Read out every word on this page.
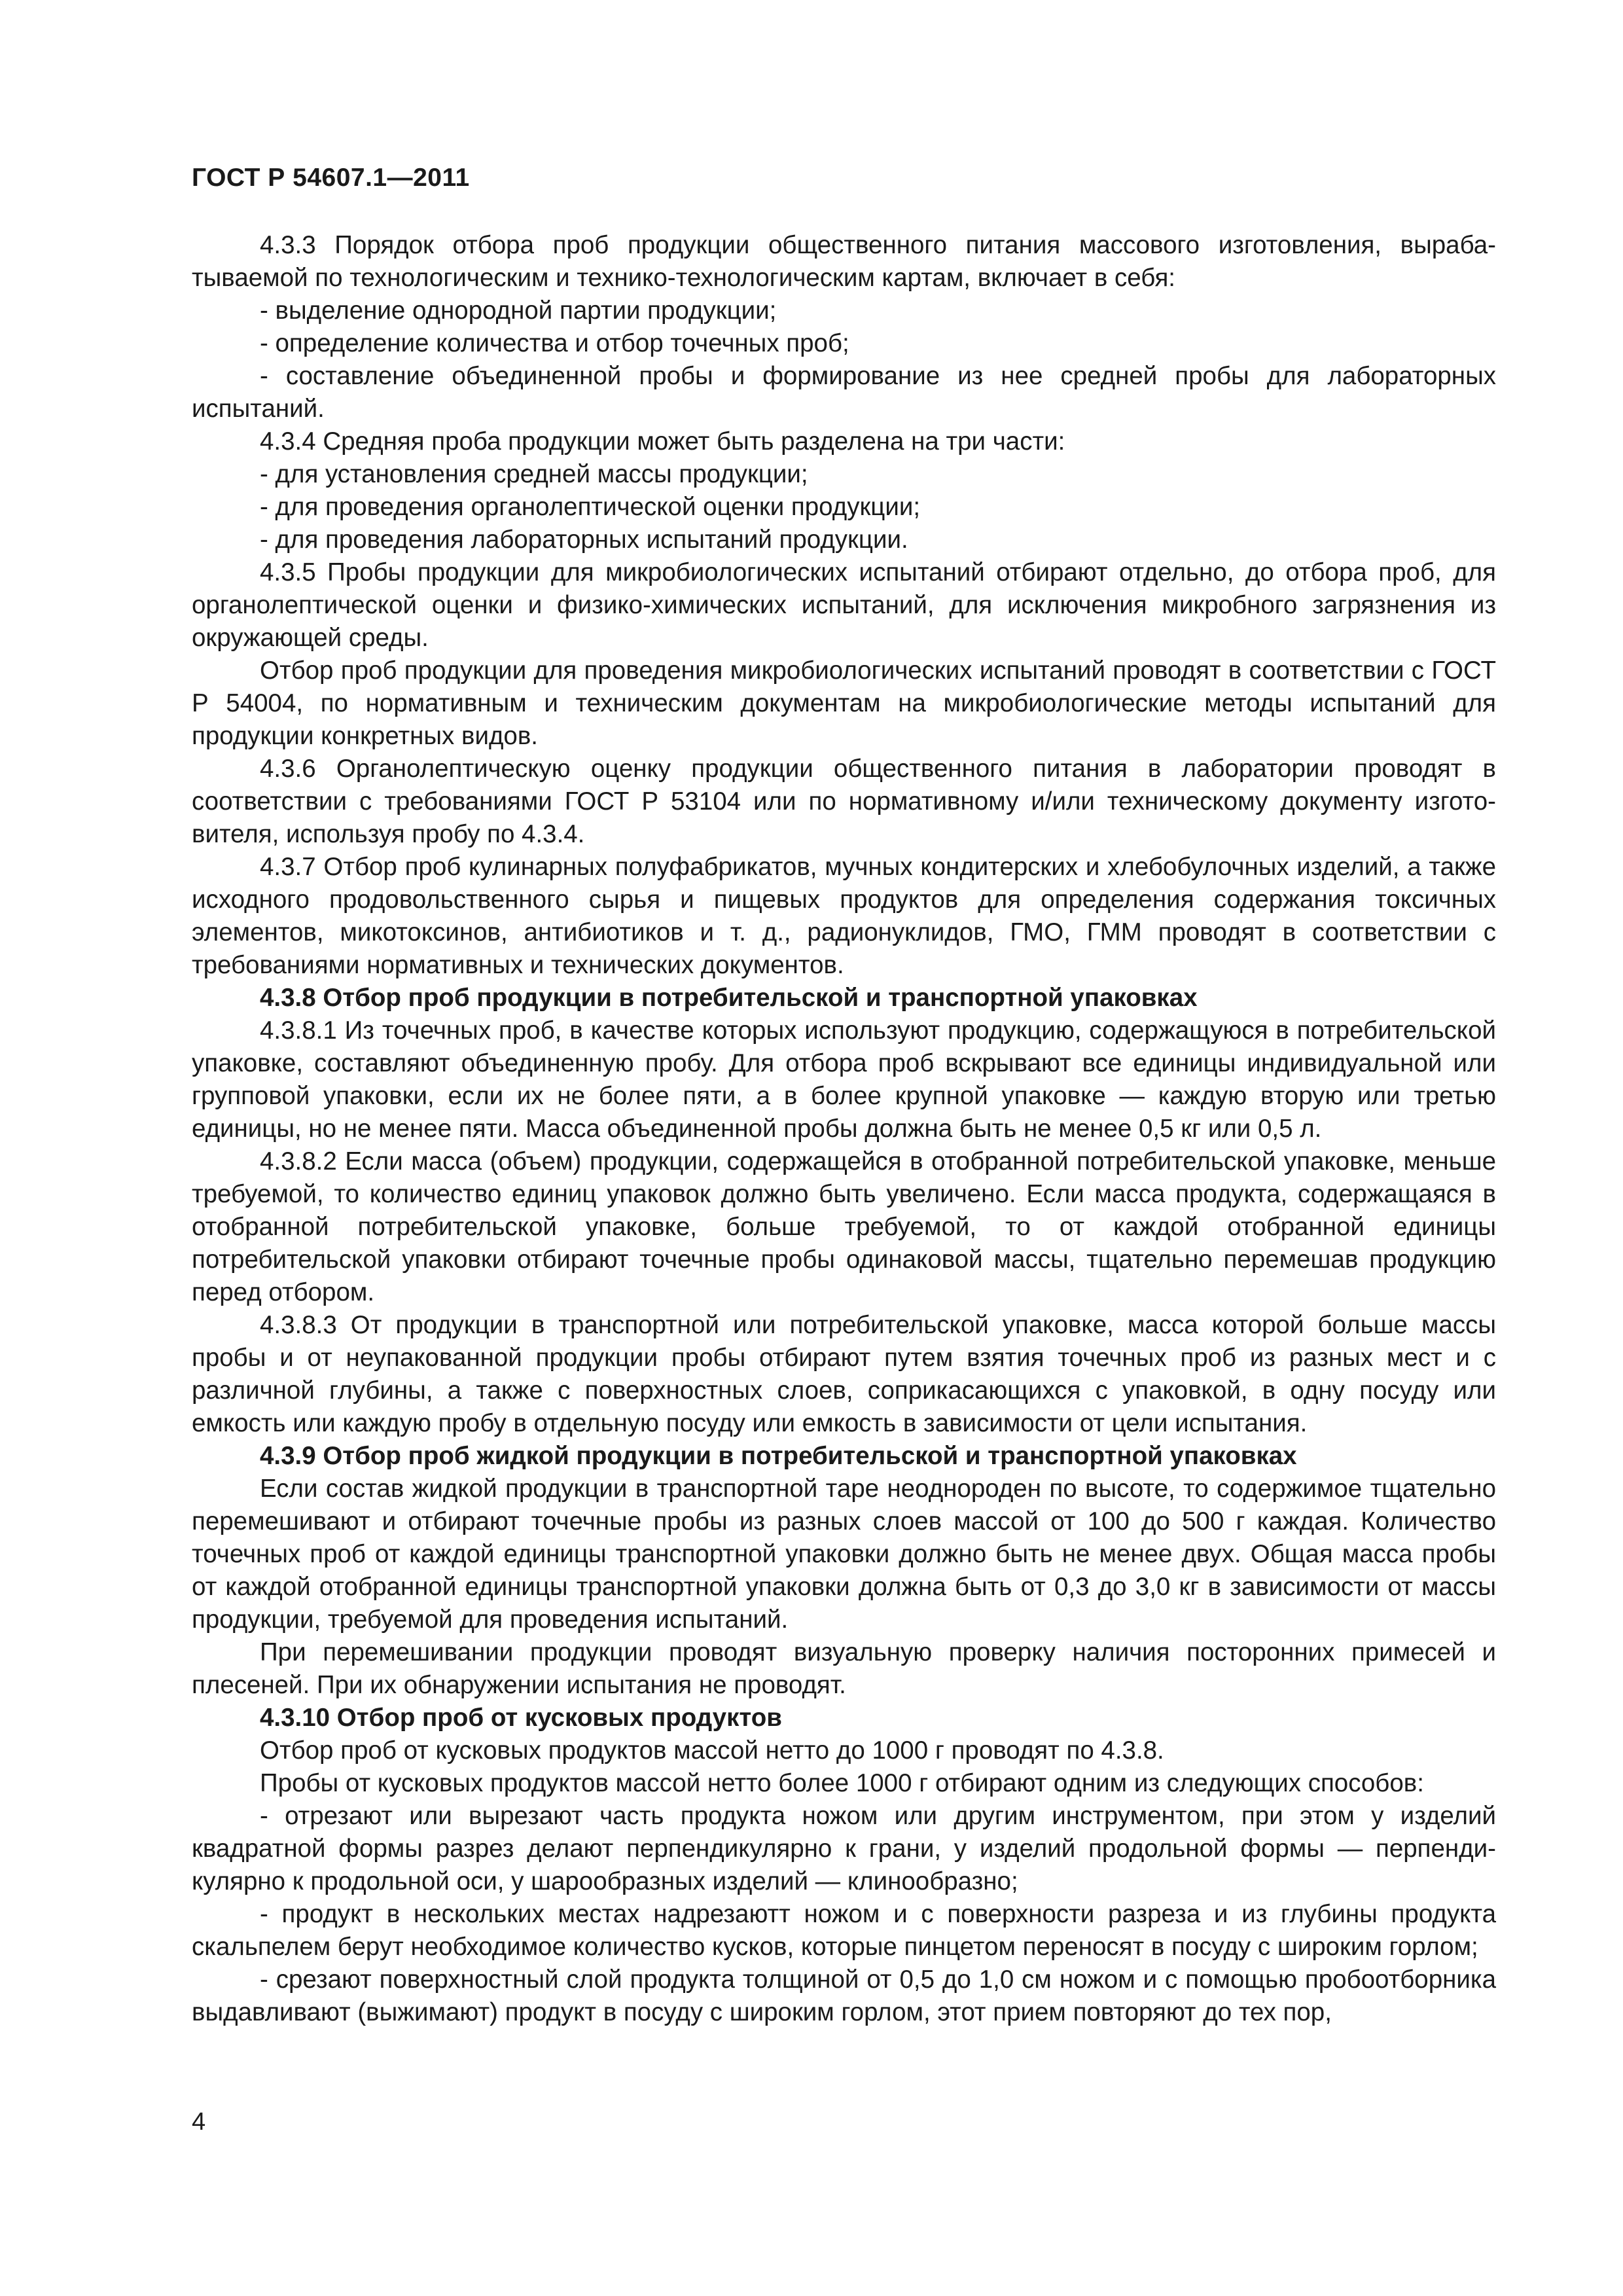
ГОСТ Р 54607.1—2011

4.3.3 Порядок отбора проб продукции общественного питания массового изготовления, вырабатываемой по технологическим и технико-технологическим картам, включает в себя:

- выделение однородной партии продукции;

- определение количества и отбор точечных проб;

- составление объединенной пробы и формирование из нее средней пробы для лабораторных испытаний.

4.3.4 Средняя проба продукции может быть разделена на три части:

- для установления средней массы продукции;

- для проведения органолептической оценки продукции;

- для проведения лабораторных испытаний продукции.

4.3.5 Пробы продукции для микробиологических испытаний отбирают отдельно, до отбора проб, для органолептической оценки и физико-химических испытаний, для исключения микробного загрязнения из окружающей среды.

Отбор проб продукции для проведения микробиологических испытаний проводят в соответствии с ГОСТ Р 54004, по нормативным и техническим документам на микробиологические методы испытаний для продукции конкретных видов.

4.3.6 Органолептическую оценку продукции общественного питания в лаборатории проводят в соответствии с требованиями ГОСТ Р 53104 или по нормативному и/или техническому документу изготовителя, используя пробу по 4.3.4.

4.3.7 Отбор проб кулинарных полуфабрикатов, мучных кондитерских и хлебобулочных изделий, а также исходного продовольственного сырья и пищевых продуктов для определения содержания токсичных элементов, микотоксинов, антибиотиков и т. д., радионуклидов, ГМО, ГММ проводят в соответствии с требованиями нормативных и технических документов.

4.3.8 Отбор проб продукции в потребительской и транспортной упаковках

4.3.8.1 Из точечных проб, в качестве которых используют продукцию, содержащуюся в потребительской упаковке, составляют объединенную пробу. Для отбора проб вскрывают все единицы индивидуальной или групповой упаковки, если их не более пяти, а в более крупной упаковке — каждую вторую или третью единицы, но не менее пяти. Масса объединенной пробы должна быть не менее 0,5 кг или 0,5 л.

4.3.8.2 Если масса (объем) продукции, содержащейся в отобранной потребительской упаковке, меньше требуемой, то количество единиц упаковок должно быть увеличено. Если масса продукта, содержащаяся в отобранной потребительской упаковке, больше требуемой, то от каждой отобранной единицы потребительской упаковки отбирают точечные пробы одинаковой массы, тщательно перемешав продукцию перед отбором.

4.3.8.3 От продукции в транспортной или потребительской упаковке, масса которой больше массы пробы и от неупакованной продукции пробы отбирают путем взятия точечных проб из разных мест и с различной глубины, а также с поверхностных слоев, соприкасающихся с упаковкой, в одну посуду или емкость или каждую пробу в отдельную посуду или емкость в зависимости от цели испытания.

4.3.9 Отбор проб жидкой продукции в потребительской и транспортной упаковках

Если состав жидкой продукции в транспортной таре неоднороден по высоте, то содержимое тщательно перемешивают и отбирают точечные пробы из разных слоев массой от 100 до 500 г каждая. Количество точечных проб от каждой единицы транспортной упаковки должно быть не менее двух. Общая масса пробы от каждой отобранной единицы транспортной упаковки должна быть от 0,3 до 3,0 кг в зависимости от массы продукции, требуемой для проведения испытаний.

При перемешивании продукции проводят визуальную проверку наличия посторонних примесей и плесеней. При их обнаружении испытания не проводят.

4.3.10 Отбор проб от кусковых продуктов

Отбор проб от кусковых продуктов массой нетто до 1000 г проводят по 4.3.8.

Пробы от кусковых продуктов массой нетто более 1000 г отбирают одним из следующих способов:

- отрезают или вырезают часть продукта ножом или другим инструментом, при этом у изделий квадратной формы разрез делают перпендикулярно к грани, у изделий продольной формы — перпендикулярно к продольной оси, у шарообразных изделий — клинообразно;

- продукт в нескольких местах надрезаютт ножом и с поверхности разреза и из глубины продукта скальпелем берут необходимое количество кусков, которые пинцетом переносят в посуду с широким горлом;

- срезают поверхностный слой продукта толщиной от 0,5 до 1,0 см ножом и с помощью пробоотборника выдавливают (выжимают) продукт в посуду с широким горлом, этот прием повторяют до тех пор,

4
